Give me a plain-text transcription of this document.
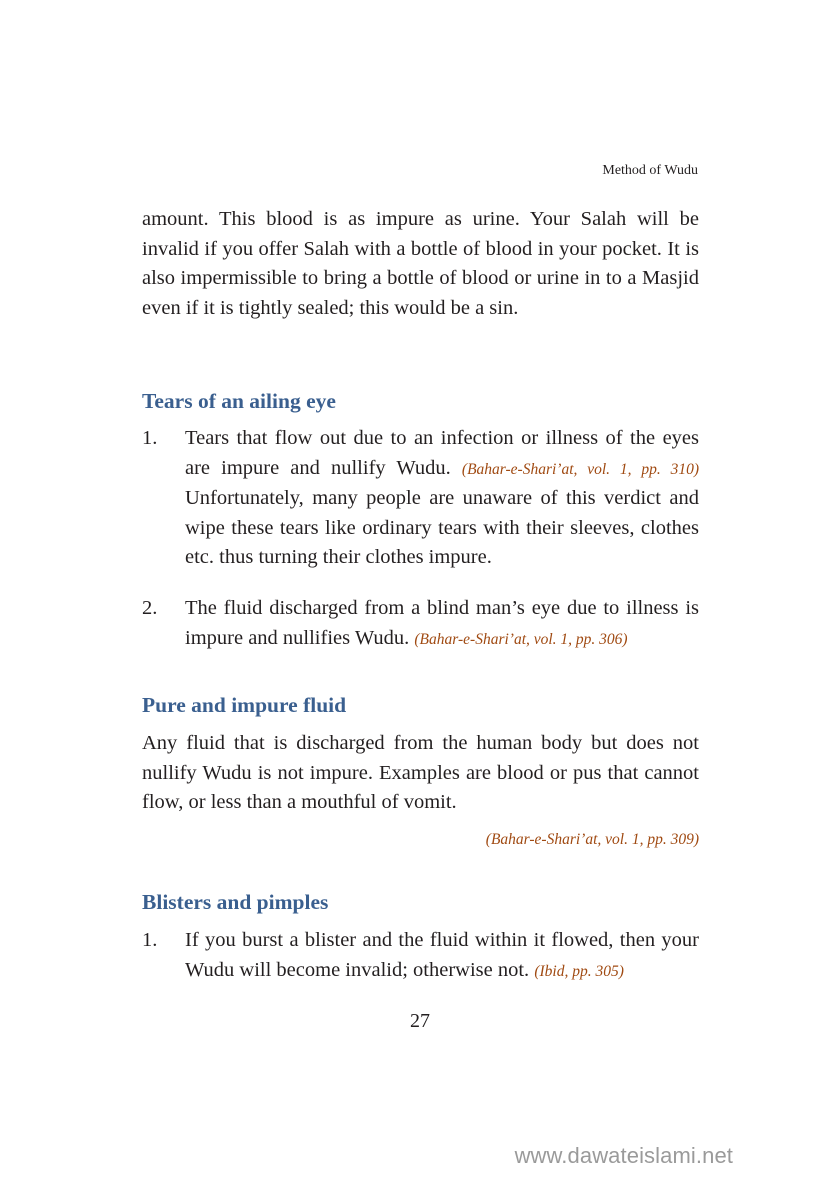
Method of Wudu

amount. This blood is as impure as urine. Your Salah will be invalid if you offer Salah with a bottle of blood in your pocket. It is also impermissible to bring a bottle of blood or urine in to a Masjid even if it is tightly sealed; this would be a sin.

Tears of an ailing eye
1. Tears that flow out due to an infection or illness of the eyes are impure and nullify Wudu. (Bahar-e-Shari’at, vol. 1, pp. 310) Unfortunately, many people are unaware of this verdict and wipe these tears like ordinary tears with their sleeves, clothes etc. thus turning their clothes impure.

2. The fluid discharged from a blind man’s eye due to illness is impure and nullifies Wudu. (Bahar-e-Shari’at, vol. 1, pp. 306)

Pure and impure fluid

Any fluid that is discharged from the human body but does not nullify Wudu is not impure. Examples are blood or pus that cannot flow, or less than a mouthful of vomit.

(Bahar-e-Shari’at, vol. 1, pp. 309)
Blisters and pimples
1. If you burst a blister and the fluid within it flowed, then your Wudu will become invalid; otherwise not. (Ibid, pp. 305)

27
www.dawateislami.net
